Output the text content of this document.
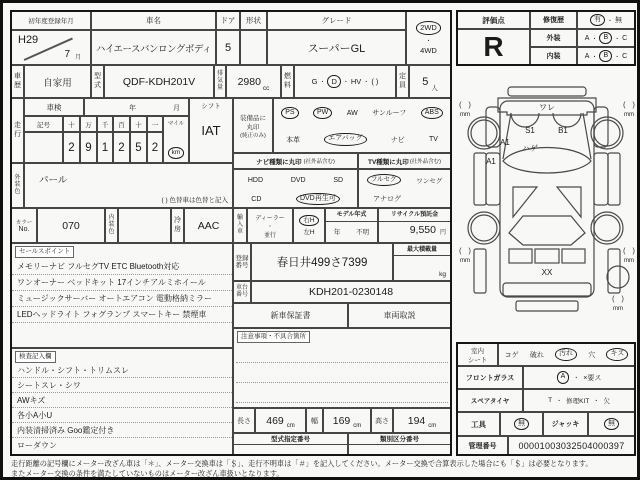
初年度登録年月
H29
7 月
車名
ハイエースバンロングボディ
ドア
5
形状	グレード
スーパーGL
2WD
・
4WD
車歴	自家用
型式	QDF-KDH201V
排気量
2980
cc
燃料	G ・ D	・ HV ・ ( )
定員 5
人
走行
車検	年	月
記号	十	万	千	百	十	一
2 9 1 2 5 2
マイル
km
シフト
IAT
外装色
パール
( ) 色替車は色替と記入
装備品に
丸印
(純正のみ)
PS	PW	AW サンルーフ	ABS
本革	エアバッグ	ナビ	TV
ナビ種類に丸印 (社外品含む)
HDD	DVD	SD
CD	DVD再生可
TV種類に丸印 (社外品含む)
フルセグ	ワンセグ
アナログ
カラー
No.	070
内装色
冷房	AAC
輸入車
ディーラー
・
並行
右H
左H
モデル年式
年 不明
リサイクル預託金
9,550 円
登録番号	春日井499さ7399
最大積載量
kg
車台番号	KDH201-0230148
新車保証書	車両取説
注意事項・不具合箇所
長さ	469 cm
幅	169 cm
高さ	194 cm
型式指定番号	類別区分番号
セールスポイント
メモリーナビ フルセグTV ETC Bluetooth対応
ワンオーナー ベッドキット 17インチアルミホイール
ミュージックサーバー オートエアコン 電動格納ミラー
LEDヘッドライト フォグランプ スマートキー 禁煙車
検査記入欄
ハンドル・シフト・トリムスレ
シートスレ・シワ
AWキズ
各小A小U
内装清掃済み Goo鑑定付き
ローダウン
評価点
R
修復歴	有	・ 無
外装	A ・ B	・ C
内装	A ・ B	・ C
ワレ
S1	B1
A1
A1
ハゲ
XX
(　)
mm
(　)
mm
(　)
mm
(　)
mm
(　)
mm
室内
シート
コゲ 破れ	汚れ	穴	キズ
フロントガラス	A	・ ×要ス
スペアタイヤ	T ・ 修理KIT ・ 欠
工具	無	ジャッキ	無
管理番号	00001003032504000397
走行距離の記号欄にメーター改ざん車は「＊」、メーター交換車は「＄」、走行不明車は「＃」を記入してください。メーター交換で合算表示した場合にも「＄」は必要となります。
またメーター交換の条件を満たしていないものはメーター改ざん車扱いとなります。
